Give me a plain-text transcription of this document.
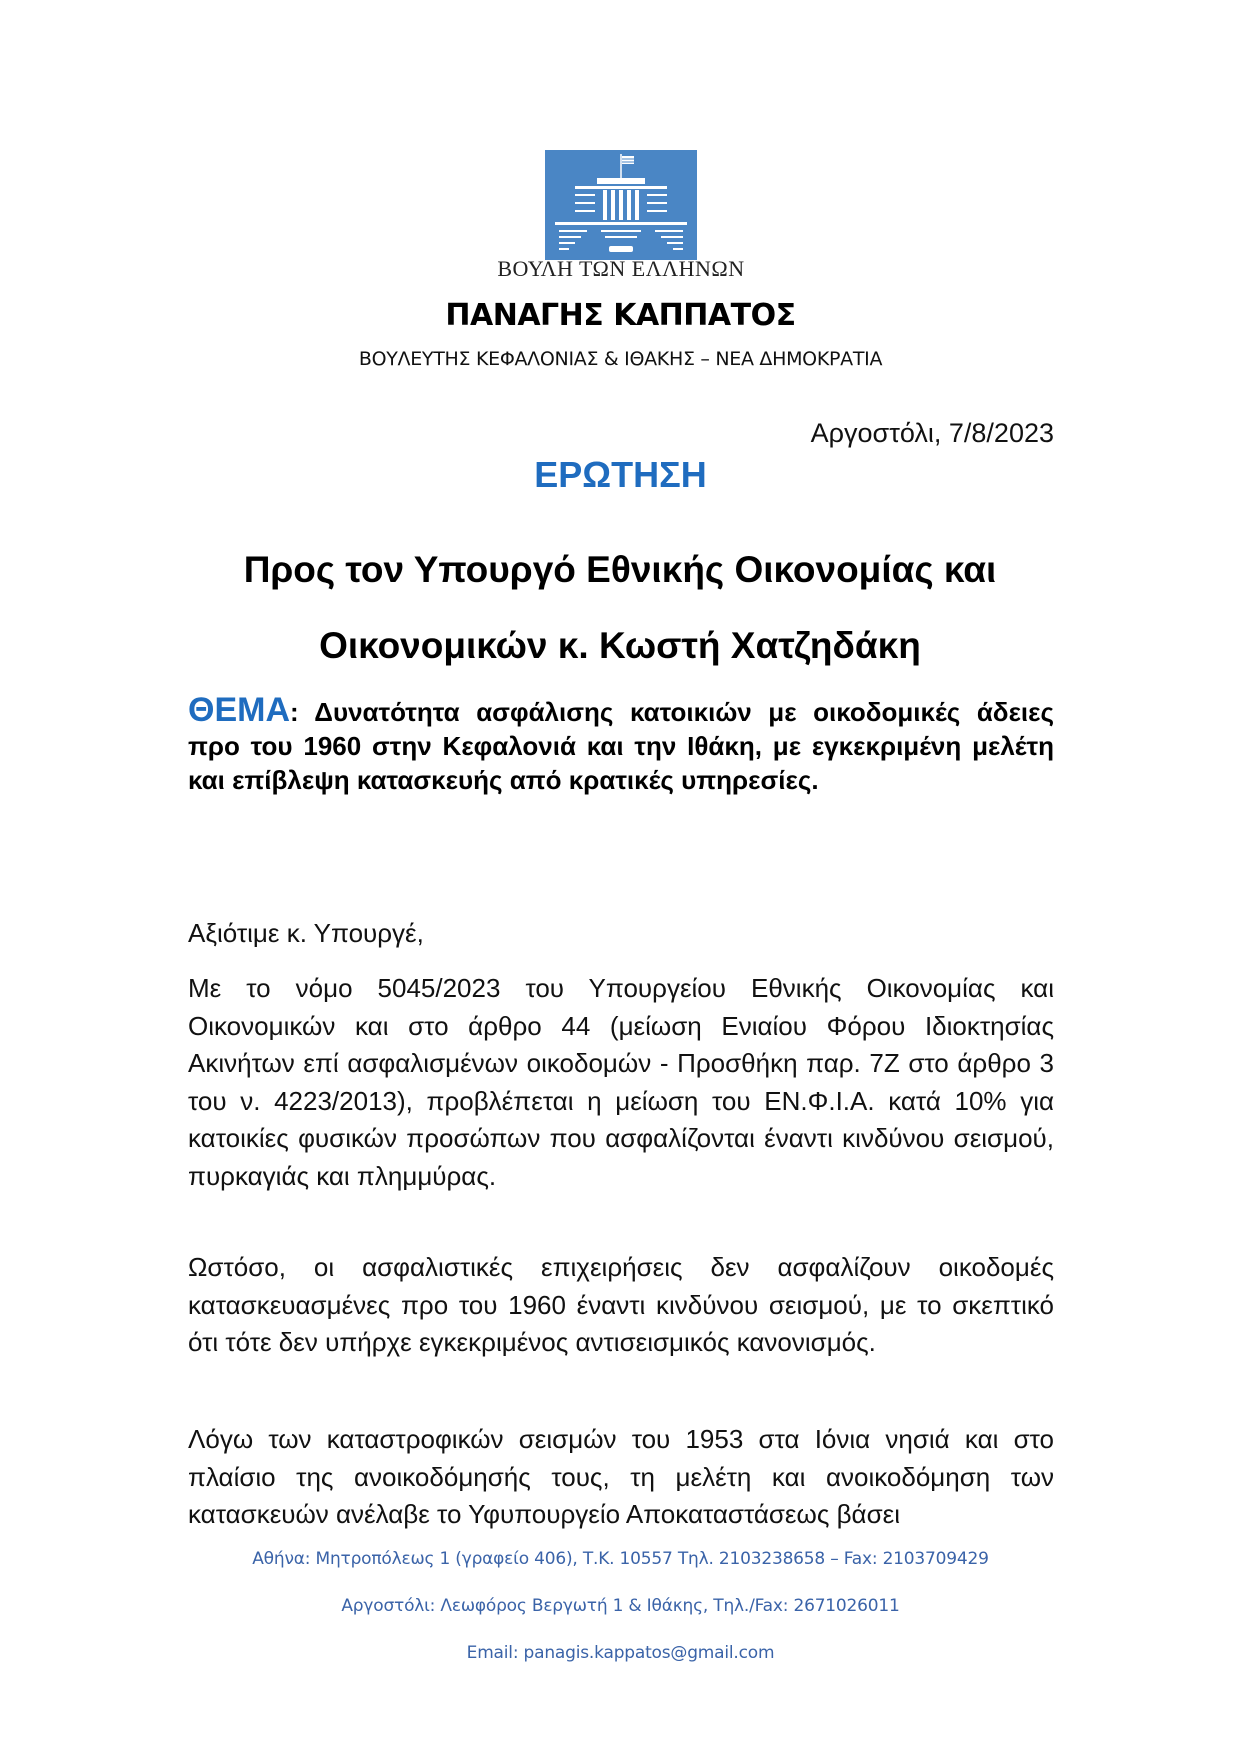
ΒΟΥΛΗ ΤΩΝ ΕΛΛΗΝΩΝ
ΠΑΝΑΓΗΣ ΚΑΠΠΑΤΟΣ
ΒΟΥΛΕΥΤΗΣ ΚΕΦΑΛΟΝΙΑΣ & ΙΘΑΚΗΣ – ΝΕΑ ΔΗΜΟΚΡΑΤΙΑ
Αργοστόλι, 7/8/2023
ΕΡΩΤΗΣΗ
Προς τον Υπουργό Εθνικής Οικονομίας και
Οικονομικών κ. Κωστή Χατζηδάκη
ΘΕΜΑ: Δυνατότητα ασφάλισης κατοικιών με οικοδομικές άδειες προ του 1960 στην Κεφαλονιά και την Ιθάκη, με εγκεκριμένη μελέτη και επίβλεψη κατασκευής από κρατικές υπηρεσίες.
Αξιότιμε κ. Υπουργέ,
Με το νόμο 5045/2023 του Υπουργείου Εθνικής Οικονομίας και Οικονομικών και στο άρθρο 44 (μείωση Ενιαίου Φόρου Ιδιοκτησίας Ακινήτων επί ασφαλισμένων οικοδομών - Προσθήκη παρ. 7Ζ στο άρθρο 3 του ν. 4223/2013), προβλέπεται η μείωση του ΕΝ.Φ.Ι.Α. κατά 10% για κατοικίες φυσικών προσώπων που ασφαλίζονται έναντι κινδύνου σεισμού, πυρκαγιάς και πλημμύρας.
Ωστόσο, οι ασφαλιστικές επιχειρήσεις δεν ασφαλίζουν οικοδομές κατασκευασμένες προ του 1960 έναντι κινδύνου σεισμού, με το σκεπτικό ότι τότε δεν υπήρχε εγκεκριμένος αντισεισμικός κανονισμός.
Λόγω των καταστροφικών σεισμών του 1953 στα Ιόνια νησιά και στο πλαίσιο της ανοικοδόμησής τους, τη μελέτη και ανοικοδόμηση των κατασκευών ανέλαβε το Υφυπουργείο Αποκαταστάσεως βάσει
Αθήνα: Μητροπόλεως 1 (γραφείο 406), Τ.Κ. 10557 Τηλ. 2103238658 – Fax: 2103709429
Αργοστόλι: Λεωφόρος Βεργωτή 1 & Ιθάκης, Τηλ./Fax: 2671026011
Email: panagis.kappatos@gmail.com
